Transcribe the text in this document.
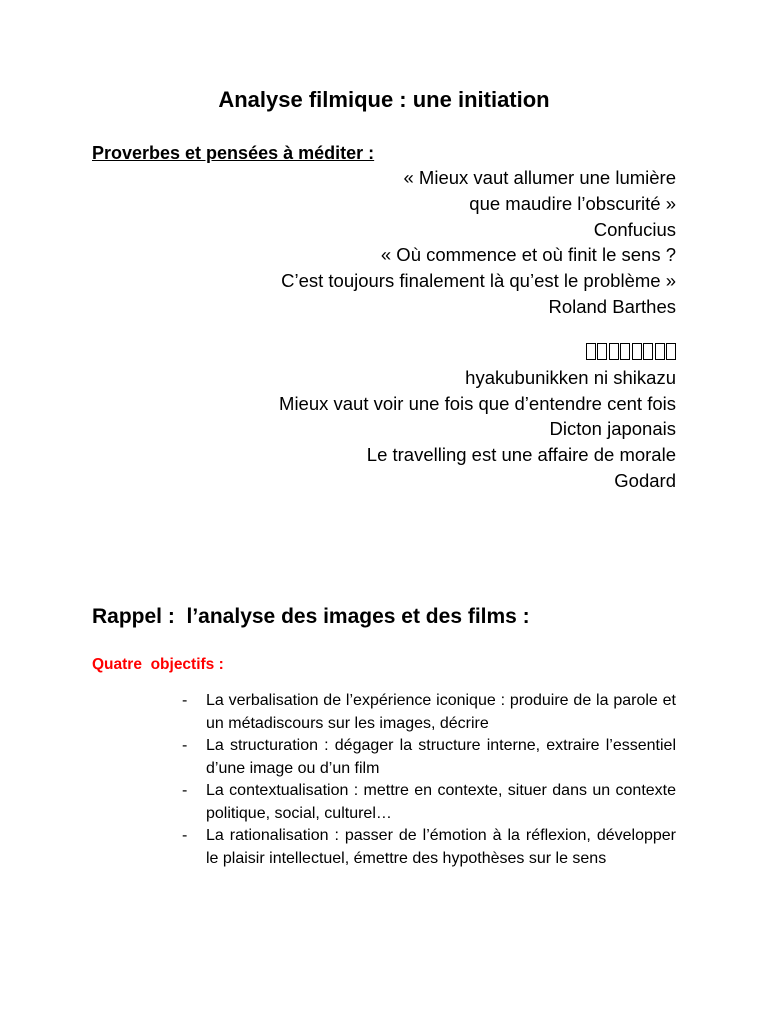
Analyse filmique : une initiation
Proverbes et pensées à méditer :
« Mieux vaut allumer une lumière
que maudire l’obscurité »
Confucius
« Où commence et où finit le sens ?
C’est toujours finalement là qu’est le problème »
Roland Barthes
hyakubunikken ni shikazu
Mieux vaut voir une fois que d’entendre cent fois
Dicton japonais
Le travelling est une affaire de morale
Godard
Rappel :  l’analyse des images et des films :
Quatre  objectifs :
- La verbalisation de l’expérience iconique : produire de la parole et un métadiscours sur les images, décrire
- La structuration : dégager la structure interne, extraire l’essentiel d’une image ou d’un film
- La contextualisation : mettre en contexte, situer dans un contexte politique, social, culturel…
- La rationalisation : passer de l’émotion à la réflexion, développer le plaisir intellectuel, émettre des hypothèses sur le sens
